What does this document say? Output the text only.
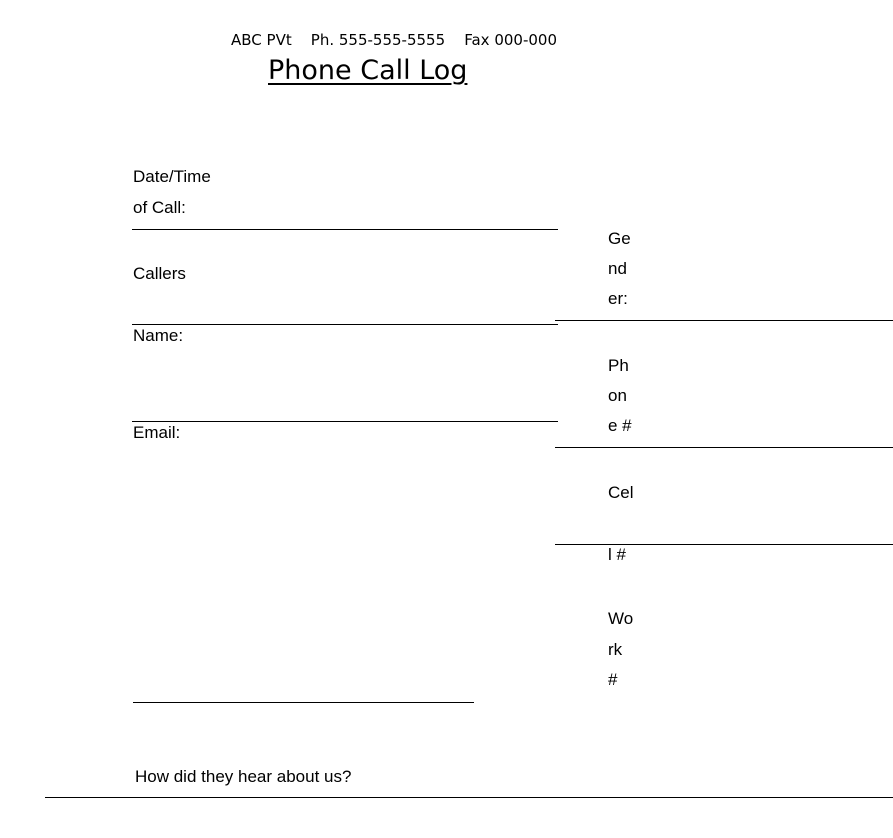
ABC PVt Ph. 555-555-5555 Fax 000-000
Phone Call Log
Date/Time
of Call:
Callers
Name:
Email:
How did they hear about us?
Ge
nd
er:
Ph
on
e #
Cel
l #
Wo
rk
#
